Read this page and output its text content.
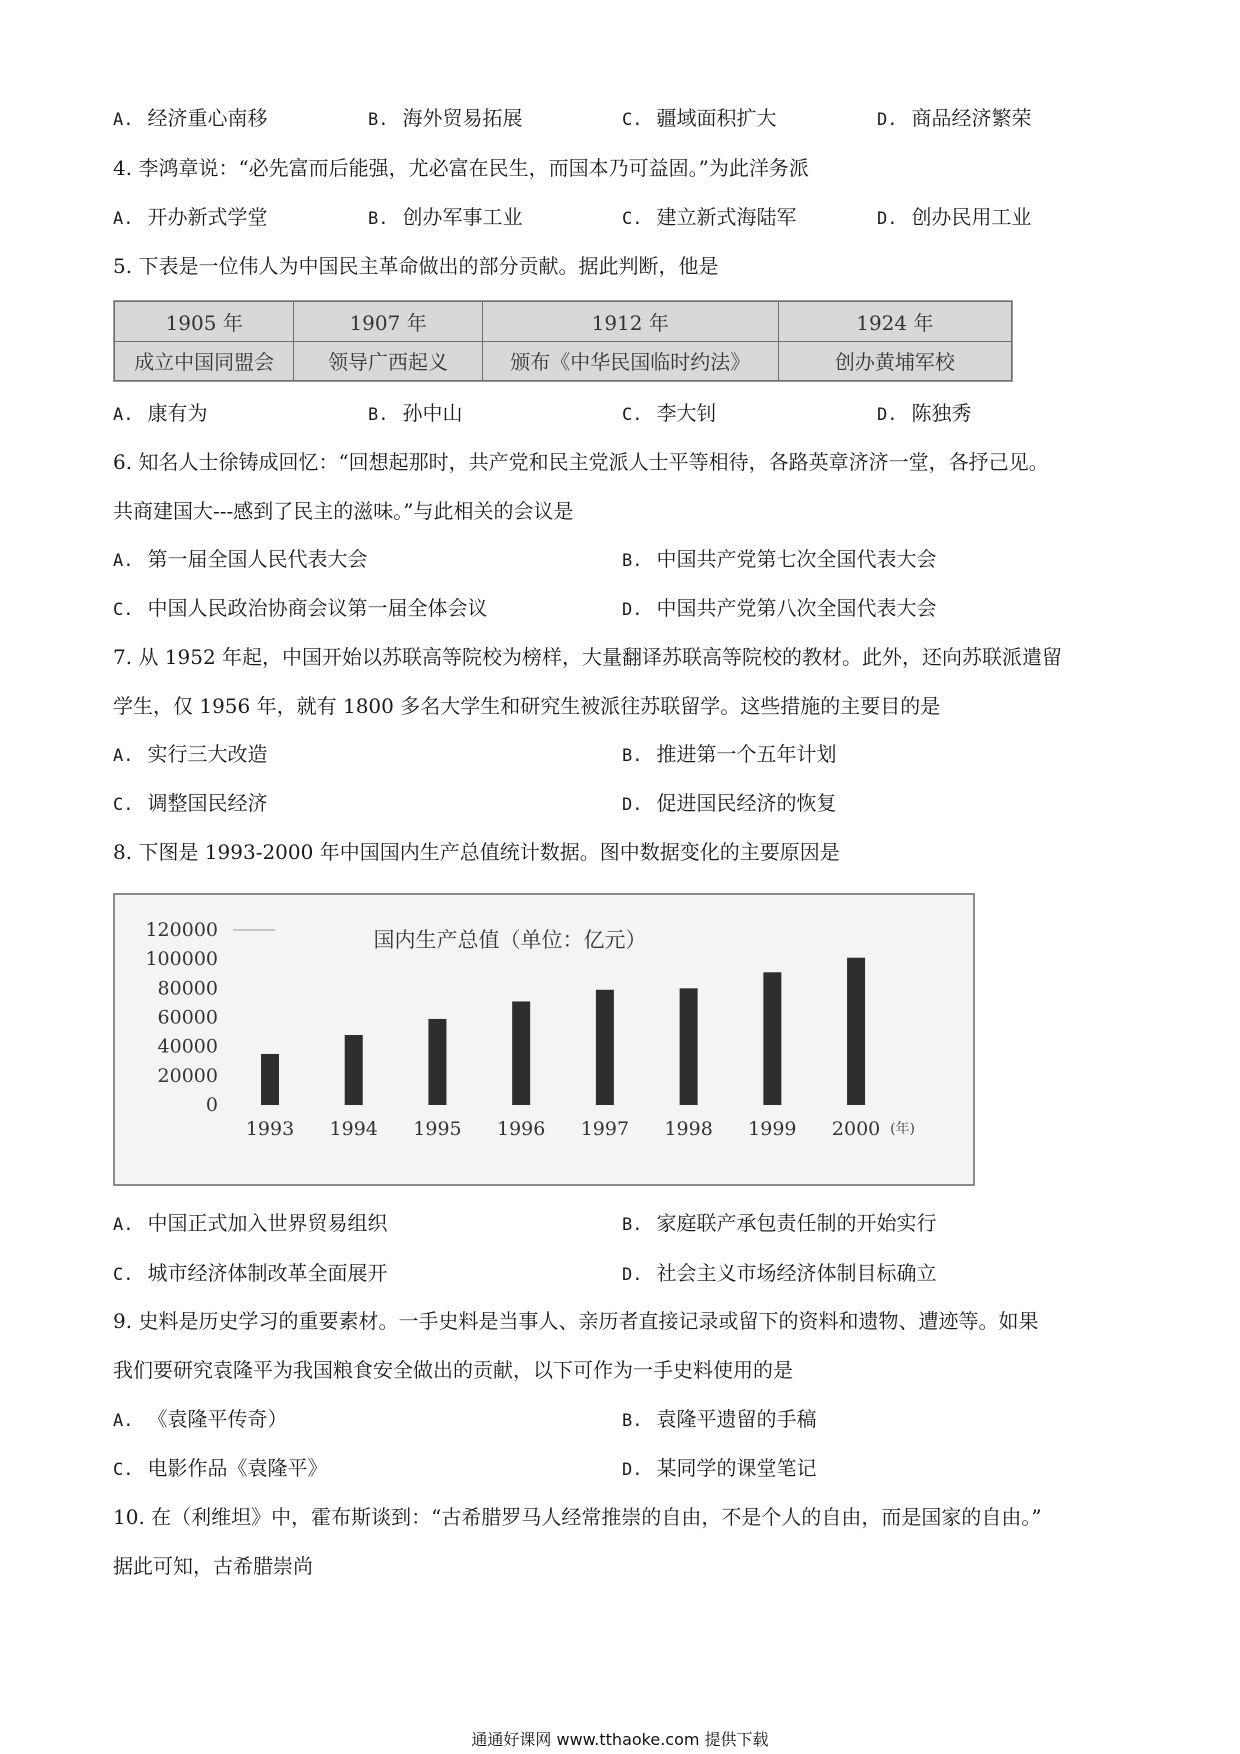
A. 经济重心南移	B. 海外贸易拓展	C. 疆域面积扩大	D. 商品经济繁荣
4. 李鸿章说：“必先富而后能强，尤必富在民生，而国本乃可益固。”为此洋务派
A. 开办新式学堂	B. 创办军事工业	C. 建立新式海陆军	D. 创办民用工业
5. 下表是一位伟人为中国民主革命做出的部分贡献。据此判断，他是
1905 年	1907 年	1912 年	1924 年
成立中国同盟会	领导广西起义	颁布《中华民国临时约法》	创办黄埔军校
A. 康有为	B. 孙中山	C. 李大钊	D. 陈独秀
6. 知名人士徐铸成回忆：“回想起那时，共产党和民主党派人士平等相待，各路英章济济一堂，各抒己见。
共商建国大---感到了民主的滋味。”与此相关的会议是
A. 第一届全国人民代表大会	B. 中国共产党第七次全国代表大会
C. 中国人民政治协商会议第一届全体会议	D. 中国共产党第八次全国代表大会
7. 从 1952 年起，中国开始以苏联高等院校为榜样，大量翻译苏联高等院校的教材。此外，还向苏联派遣留
学生，仅 1956 年，就有 1800 多名大学生和研究生被派往苏联留学。这些措施的主要目的是
A. 实行三大改造	B. 推进第一个五年计划
C. 调整国民经济	D. 促进国民经济的恢复
8. 下图是 1993-2000 年中国国内生产总值统计数据。图中数据变化的主要原因是
国内生产总值（单位：亿元）
0
20000
40000
60000
80000
100000
120000
1993 1994 1995 1996 1997 1998 1999 2000 (年)
A. 中国正式加入世界贸易组织	B. 家庭联产承包责任制的开始实行
C. 城市经济体制改革全面展开	D. 社会主义市场经济体制目标确立
9. 史料是历史学习的重要素材。一手史料是当事人、亲历者直接记录或留下的资料和遗物、遭迹等。如果
我们要研究袁隆平为我国粮食安全做出的贡献，以下可作为一手史料使用的是
A. 《袁隆平传奇）	B. 袁隆平遗留的手稿
C. 电影作品《袁隆平》	D. 某同学的课堂笔记
10. 在（利维坦》中，霍布斯谈到：“古希腊罗马人经常推崇的自由，不是个人的自由，而是国家的自由。”
据此可知，古希腊崇尚
通通好课网 www.tthaoke.com 提供下载
